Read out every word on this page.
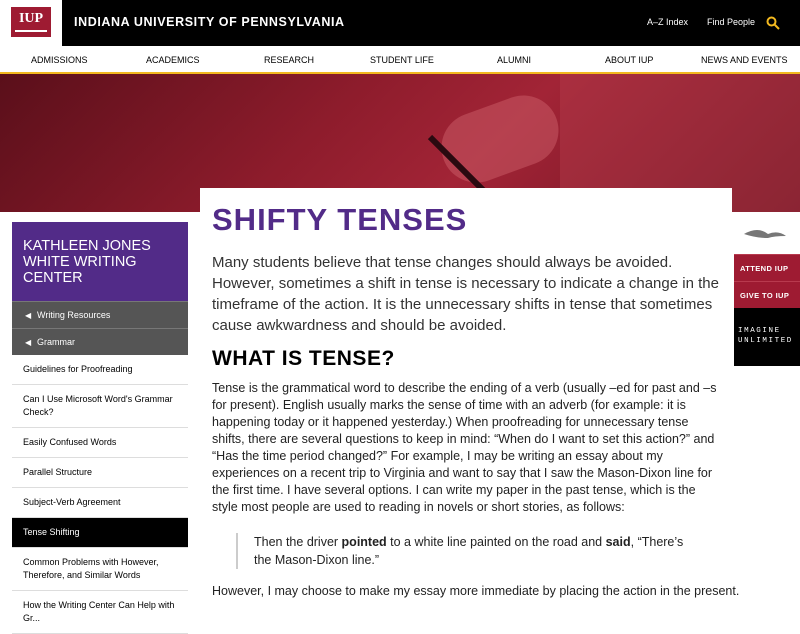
IUP	INDIANA UNIVERSITY OF PENNSYLVANIA	A–Z Index Find People
ADMISSIONS	ACADEMICS	RESEARCH	STUDENT LIFE	ALUMNI	ABOUT IUP	NEWS AND EVENTS
KATHLEEN JONES WHITE WRITING CENTER
◀ Writing Resources
◀ Grammar
Guidelines for Proofreading
Can I Use Microsoft Word's Grammar Check?
Easily Confused Words
Parallel Structure
Subject-Verb Agreement
Tense Shifting
Common Problems with However, Therefore, and Similar Words
How the Writing Center Can Help with Gr...
SHIFTY TENSES
Many students believe that tense changes should always be avoided. However, sometimes a shift in tense is necessary to indicate a change in the timeframe of the action. It is the unnecessary shifts in tense that sometimes cause awkwardness and should be avoided.
WHAT IS TENSE?
Tense is the grammatical word to describe the ending of a verb (usually –ed for past and –s for present). English usually marks the sense of time with an adverb (for example: it is happening today or it happened yesterday.) When proofreading for unnecessary tense shifts, there are several questions to keep in mind: “When do I want to set this action?” and “Has the time period changed?” For example, I may be writing an essay about my experiences on a recent trip to Virginia and want to say that I saw the Mason-Dixon line for the first time. I have several options. I can write my paper in the past tense, which is the style most people are used to reading in novels or short stories, as follows:
Then the driver pointed to a white line painted on the road and said, “There’s the Mason-Dixon line.”
However, I may choose to make my essay more immediate by placing the action in the present.
ATTEND IUP
GIVE TO IUP
IMAGINE UNLIMITED
